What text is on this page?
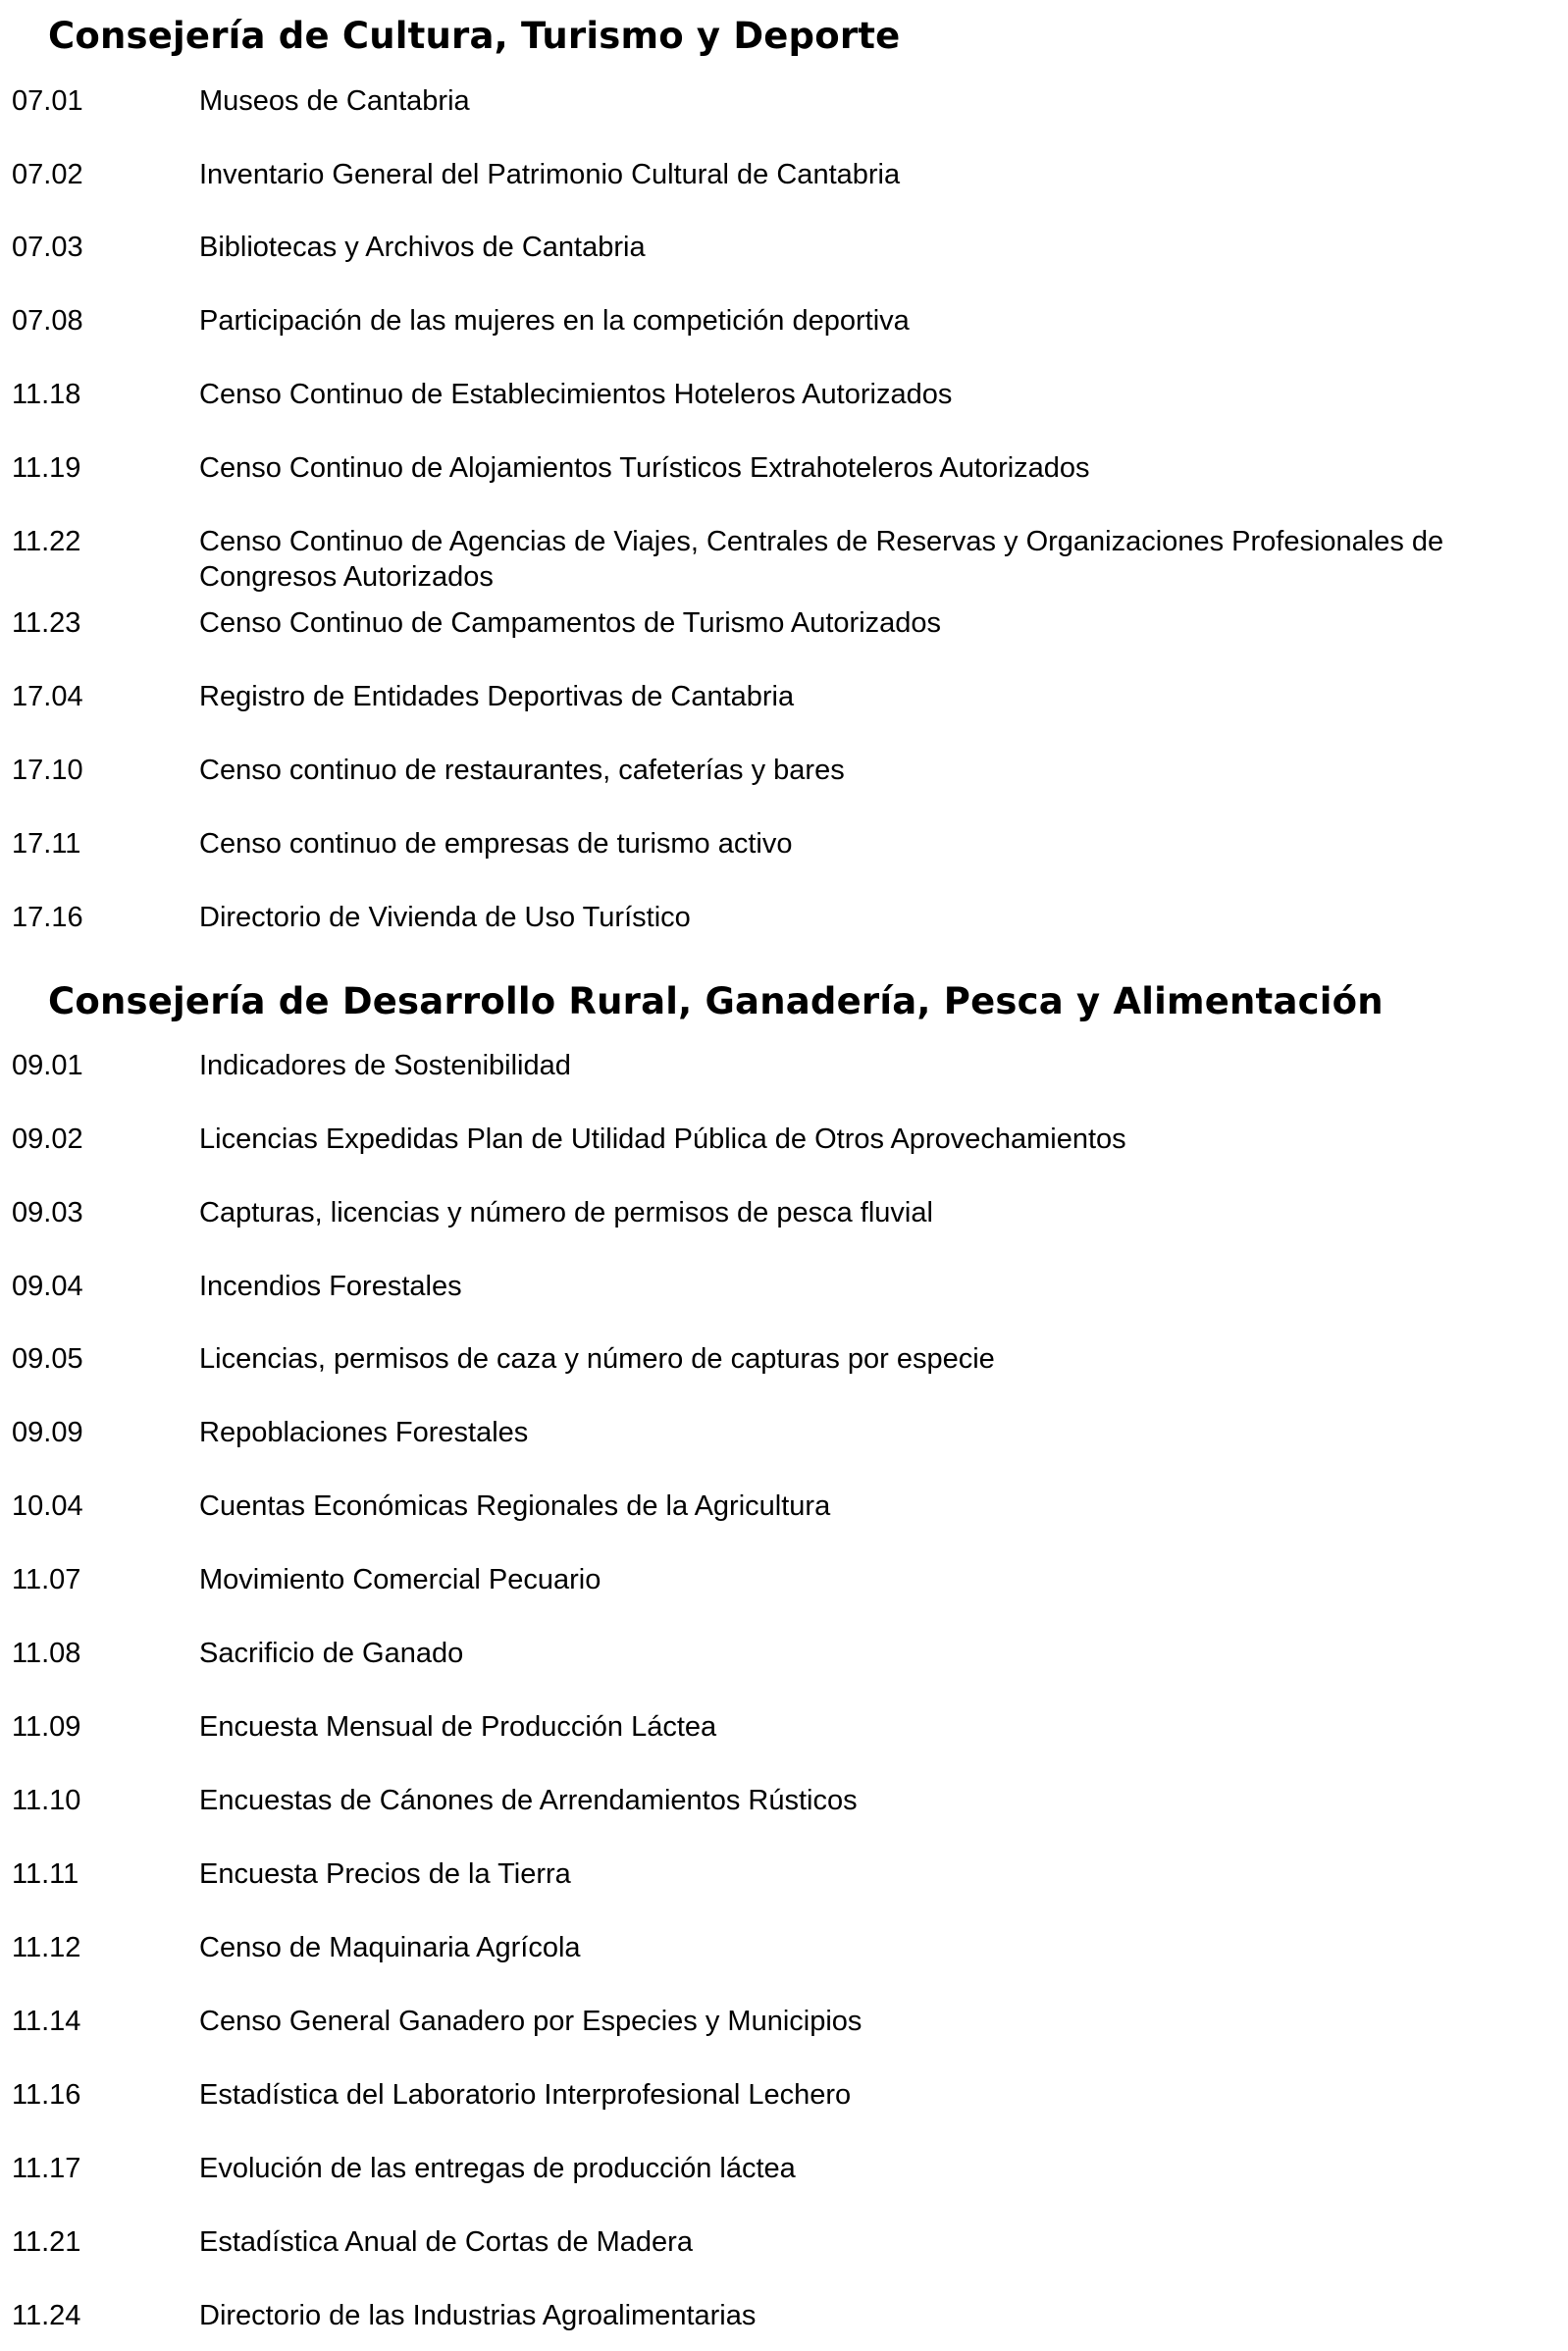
Consejería de Cultura, Turismo y Deporte
07.01	Museos de Cantabria
07.02	Inventario General del Patrimonio Cultural de Cantabria
07.03	Bibliotecas y Archivos de Cantabria
07.08	Participación de las mujeres en la competición deportiva
11.18	Censo Continuo de Establecimientos Hoteleros Autorizados
11.19	Censo Continuo de Alojamientos Turísticos Extrahoteleros Autorizados
11.22	Censo Continuo de Agencias de Viajes, Centrales de Reservas y Organizaciones Profesionales de Congresos Autorizados
11.23	Censo Continuo de Campamentos de Turismo Autorizados
17.04	Registro de Entidades Deportivas de Cantabria
17.10	Censo continuo de restaurantes, cafeterías y bares
17.11	Censo continuo de empresas de turismo activo
17.16	Directorio de Vivienda de Uso Turístico
Consejería de Desarrollo Rural, Ganadería, Pesca y Alimentación
09.01	Indicadores de Sostenibilidad
09.02	Licencias Expedidas Plan de Utilidad Pública de Otros Aprovechamientos
09.03	Capturas, licencias y número de permisos de pesca fluvial
09.04	Incendios Forestales
09.05	Licencias, permisos de caza y número de capturas por especie
09.09	Repoblaciones Forestales
10.04	Cuentas Económicas Regionales de la Agricultura
11.07	Movimiento Comercial Pecuario
11.08	Sacrificio de Ganado
11.09	Encuesta Mensual de Producción Láctea
11.10	Encuestas de Cánones de Arrendamientos Rústicos
11.11	Encuesta Precios de la Tierra
11.12	Censo de Maquinaria Agrícola
11.14	Censo General Ganadero por Especies y Municipios
11.16	Estadística del Laboratorio Interprofesional Lechero
11.17	Evolución de las entregas de producción láctea
11.21	Estadística Anual de Cortas de Madera
11.24	Directorio de las Industrias Agroalimentarias
